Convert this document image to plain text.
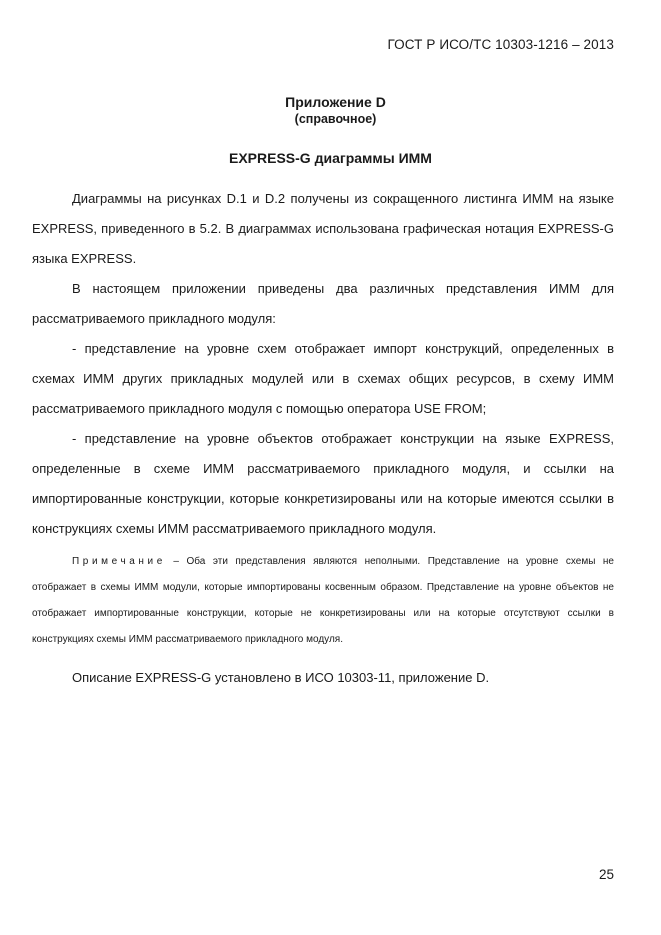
ГОСТ Р ИСО/ТС 10303-1216 – 2013
Приложение D
(справочное)
EXPRESS-G диаграммы ИММ

Диаграммы на рисунках D.1 и D.2 получены из сокращенного листинга ИММ на языке EXPRESS, приведенного в 5.2. В диаграммах использована графическая нотация EXPRESS-G языка EXPRESS.

В настоящем приложении приведены два различных представления ИММ для рассматриваемого прикладного модуля:

- представление на уровне схем отображает импорт конструкций, определенных в схемах ИММ других прикладных модулей или в схемах общих ресурсов, в схему ИММ рассматриваемого прикладного модуля с помощью оператора USE FROM;

- представление на уровне объектов отображает конструкции на языке EXPRESS, определенные в схеме ИММ рассматриваемого прикладного модуля, и ссылки на импортированные конструкции, которые конкретизированы или на которые имеются ссылки в конструкциях схемы ИММ рассматриваемого прикладного модуля.

Примечание – Оба эти представления являются неполными. Представление на уровне схемы не отображает в схемы ИММ модули, которые импортированы косвенным образом. Представление на уровне объектов не отображает импортированные конструкции, которые не конкретизированы или на которые отсутствуют ссылки в конструкциях схемы ИММ рассматриваемого прикладного модуля.

Описание EXPRESS-G установлено в ИСО 10303-11, приложение D.

25
